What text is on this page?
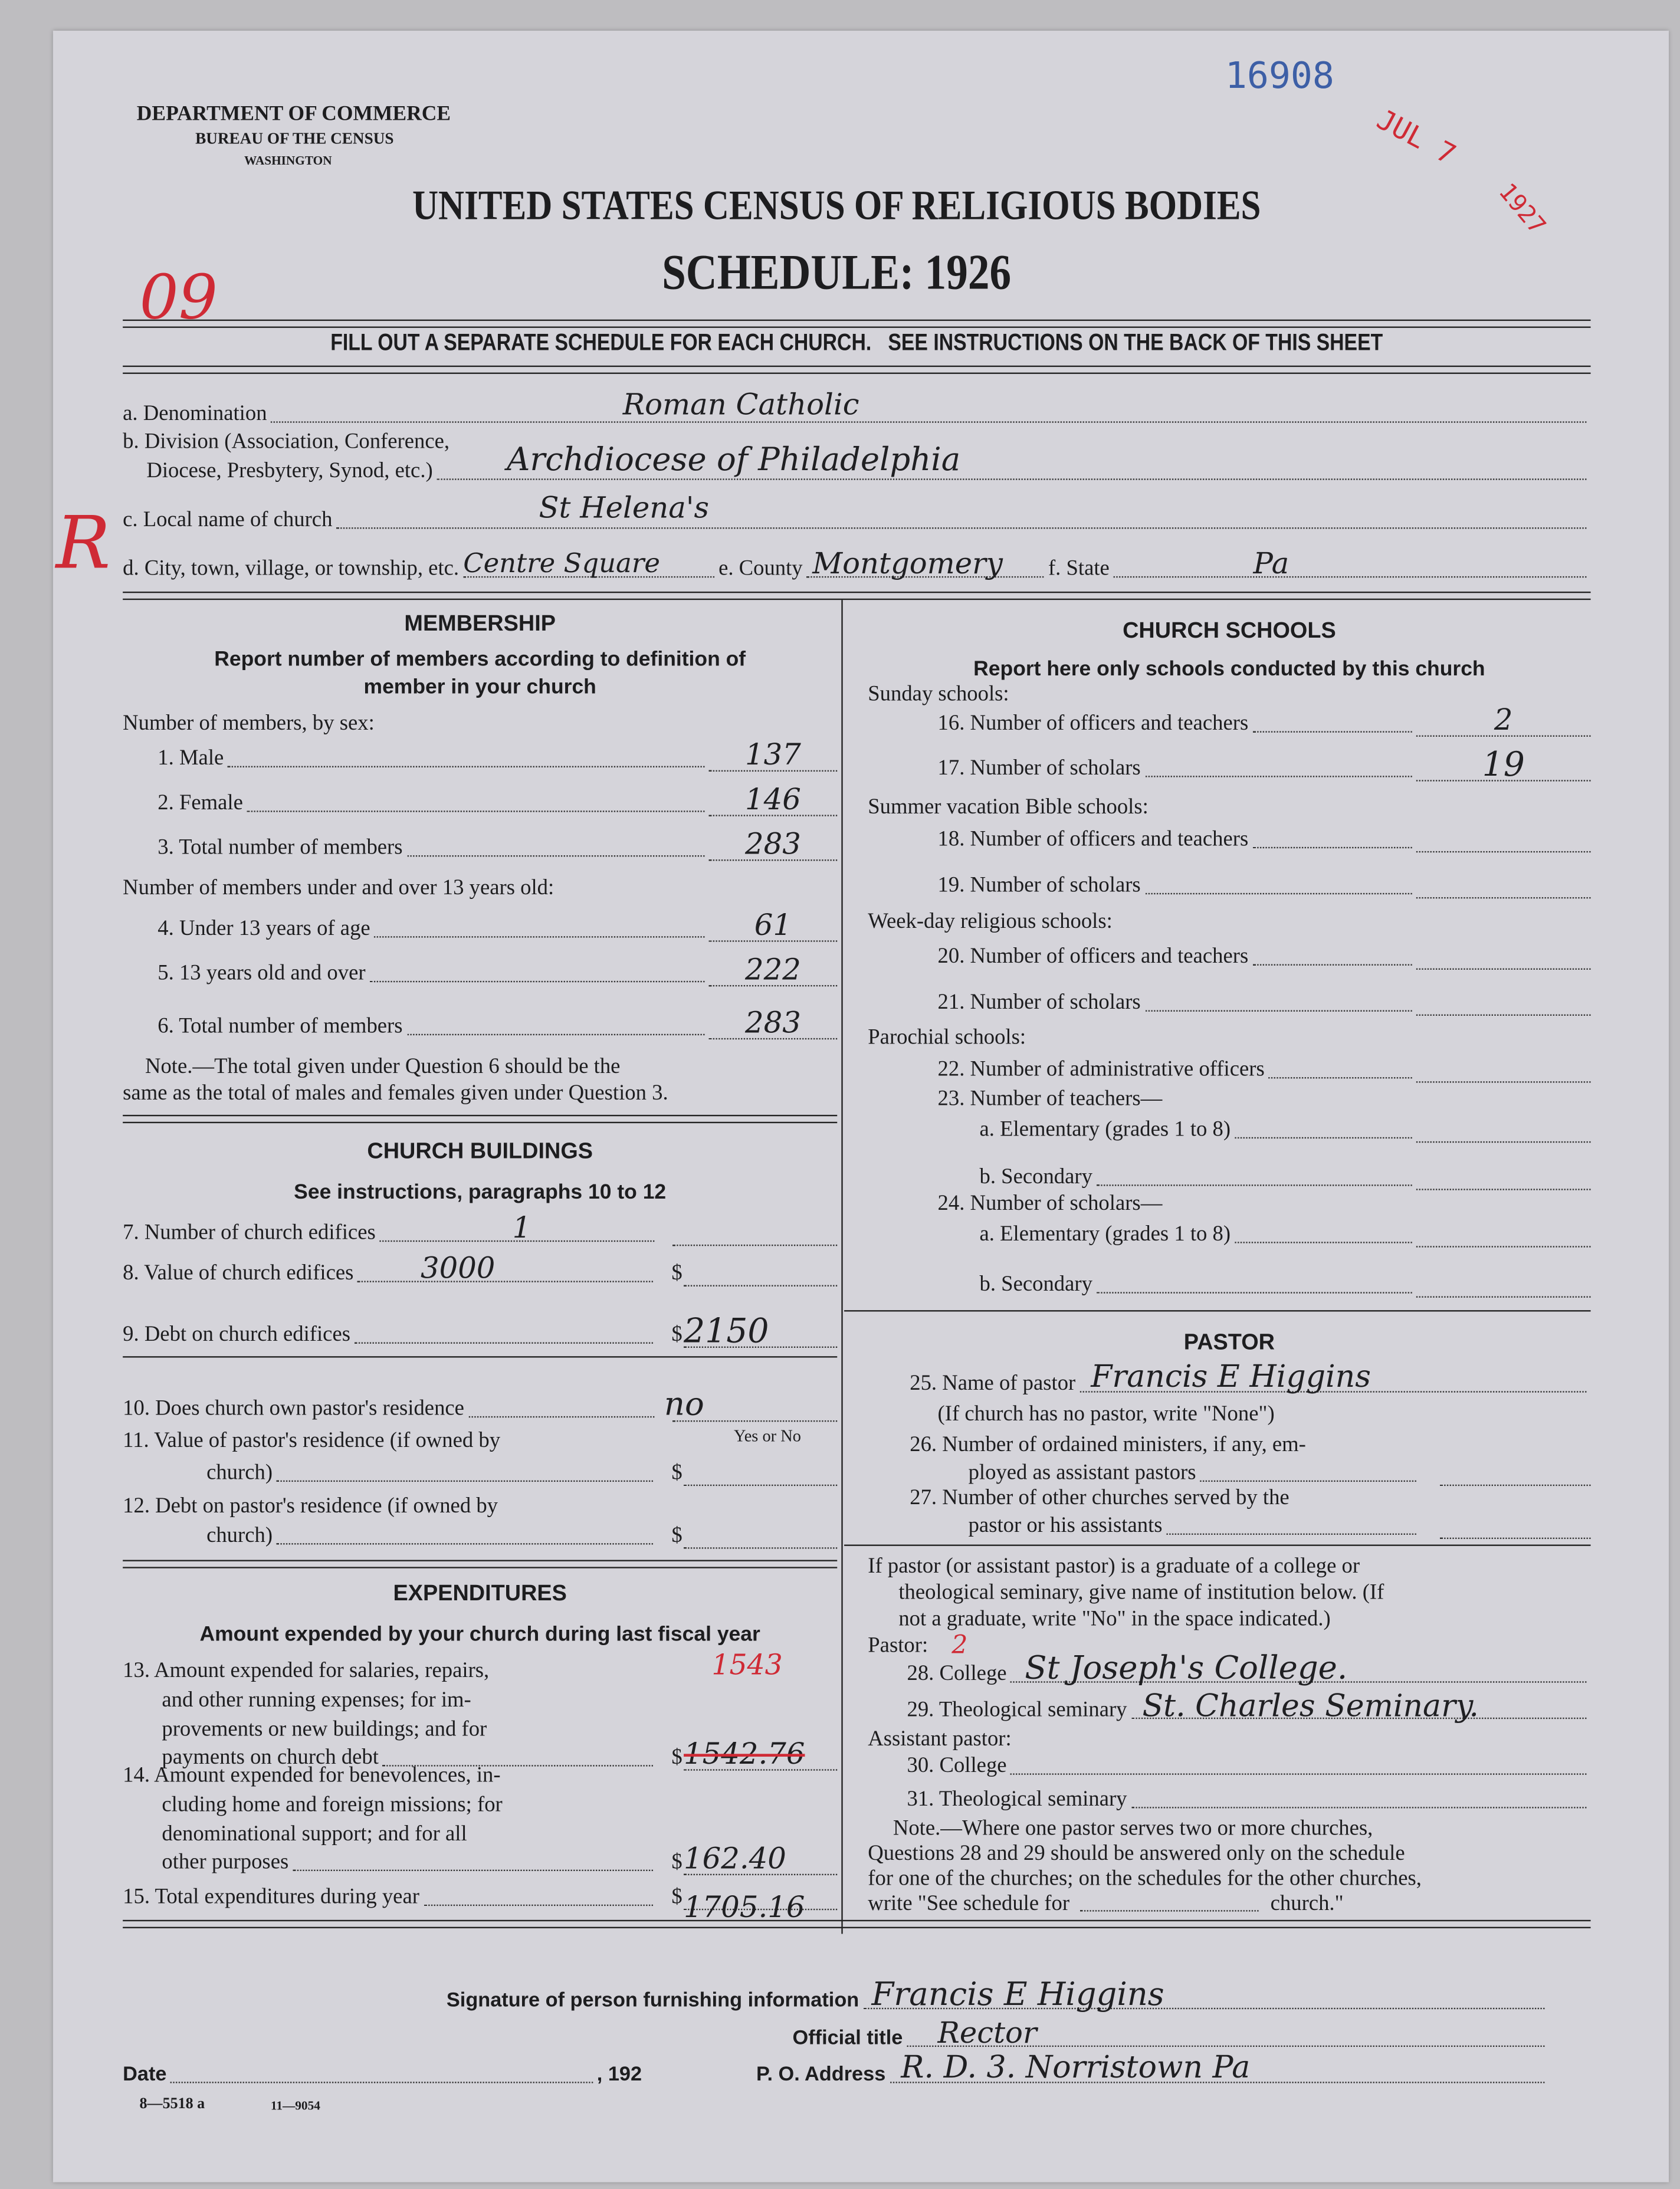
16908
JUL 7
1927
09
R
DEPARTMENT OF COMMERCE
BUREAU OF THE CENSUS
WASHINGTON
UNITED STATES CENSUS OF RELIGIOUS BODIES
SCHEDULE: 1926
FILL OUT A SEPARATE SCHEDULE FOR EACH CHURCH.   SEE INSTRUCTIONS ON THE BACK OF THIS SHEET
a. Denomination	Roman Catholic
b. Division (Association, Conference,
Diocese, Presbytery, Synod, etc.)	Archdiocese of Philadelphia
c. Local name of church	St Helena's
d. City, town, village, or township, etc. Centre Square	e. County Montgomery	f. State	Pa
MEMBERSHIP
Report number of members according to definition of
member in your church
Number of members, by sex:
1. Male	137
2. Female	146
3. Total number of members	283
Number of members under and over 13 years old:
4. Under 13 years of age	61
5. 13 years old and over	222
6. Total number of members	283
Note.—The total given under Question 6 should be the
same as the total of males and females given under Question 3.
CHURCH BUILDINGS
See instructions, paragraphs 10 to 12
7. Number of church edifices	1
8. Value of church edifices	3000	$
9. Debt on church edifices	$ 2150
10. Does church own pastor's residence	no
Yes or No
11. Value of pastor's residence (if owned by
church)	$
12. Debt on pastor's residence (if owned by
church)	$
EXPENDITURES
Amount expended by your church during last fiscal year
13. Amount expended for salaries, repairs,
and other running expenses; for im-
provements or new buildings; and for
payments on church debt	$ 1542.76
1543
14. Amount expended for benevolences, in-
cluding home and foreign missions; for
denominational support; and for all
other purposes	$ 162.40
15. Total expenditures during year	$ 1705.16
CHURCH SCHOOLS
Report here only schools conducted by this church
Sunday schools:
16. Number of officers and teachers	2
17. Number of scholars	19
Summer vacation Bible schools:
18. Number of officers and teachers
19. Number of scholars
Week-day religious schools:
20. Number of officers and teachers
21. Number of scholars
Parochial schools:
22. Number of administrative officers
23. Number of teachers—
a. Elementary (grades 1 to 8)
b. Secondary
24. Number of scholars—
a. Elementary (grades 1 to 8)
b. Secondary
PASTOR
25. Name of pastor Francis E Higgins
(If church has no pastor, write "None")
26. Number of ordained ministers, if any, em-
ployed as assistant pastors
27. Number of other churches served by the
pastor or his assistants
If pastor (or assistant pastor) is a graduate of a college or
theological seminary, give name of institution below. (If
not a graduate, write "No" in the space indicated.)
Pastor: 2
28. College St Joseph's College.
29. Theological seminary St. Charles Seminary.
Assistant pastor:
30. College
31. Theological seminary
Note.—Where one pastor serves two or more churches,
Questions 28 and 29 should be answered only on the schedule
for one of the churches; on the schedules for the other churches,
write "See schedule for	church."
Signature of person furnishing information Francis E Higgins
Official title	Rector
Date	, 192	P. O. Address R. D. 3. Norristown Pa
8—5518 a	11—9054
